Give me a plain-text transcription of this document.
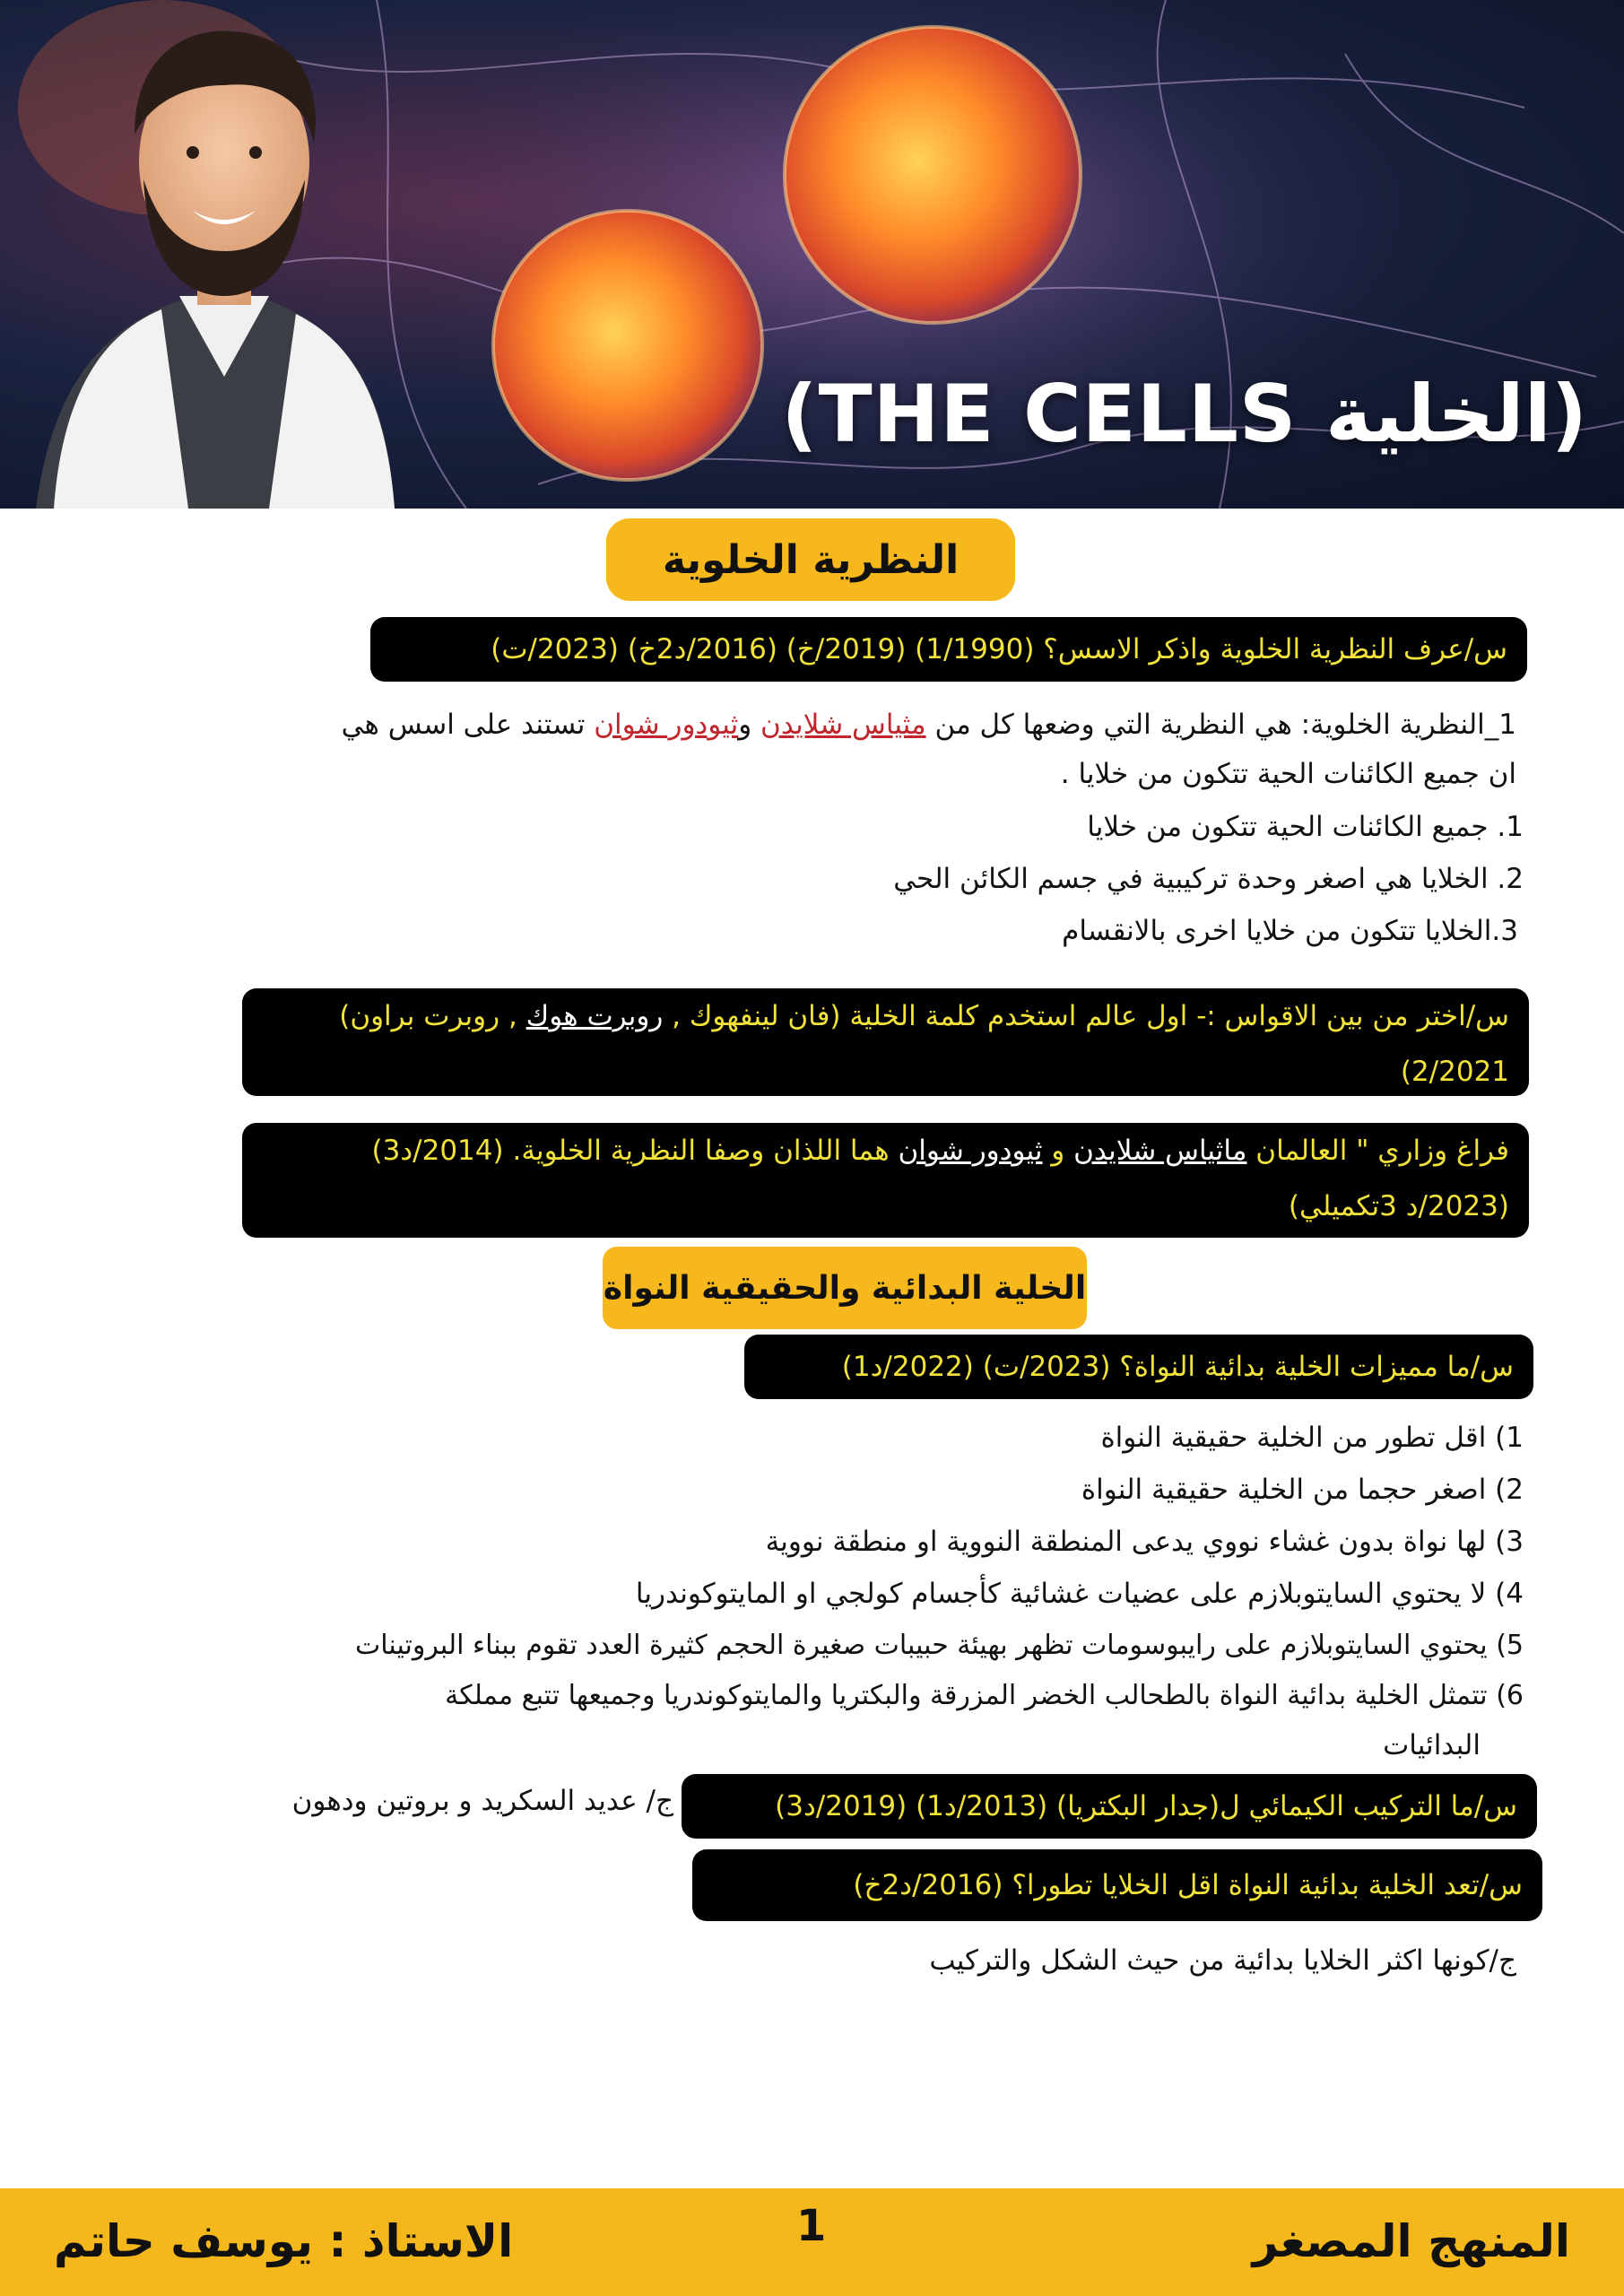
(THE CELLS الخلية)
النظرية الخلوية
س/عرف النظرية الخلوية واذكر الاسس؟ (1/1990) (2019/خ) (2016/د2خ) (2023/ت)
1_النظرية الخلوية: هي النظرية التي وضعها كل من مثياس شلايدن وثيودور شوان تستند على اسس هي
ان جميع الكائنات الحية تتكون من خلايا .
1. جميع الكائنات الحية تتكون من خلايا
2. الخلايا هي اصغر وحدة تركيبية في جسم الكائن الحي
3.الخلايا تتكون من خلايا اخرى بالانقسام
س/اختر من بين الاقواس :- اول عالم استخدم كلمة الخلية (فان لينفهوك , روبرت هوك , روبرت براون)
2/2021)
فراغ وزاري " العالمان ماثياس شلايدن و ثيودور شوان هما اللذان وصفا النظرية الخلوية. (2014/د3)
(2023/د 3تكميلي)
الخلية البدائية والحقيقية النواة
س/ما مميزات الخلية بدائية النواة؟ (2023/ت) (2022/د1)
1) اقل تطور من الخلية حقيقية النواة
2) اصغر حجما من الخلية حقيقية النواة
3) لها نواة بدون غشاء نووي يدعى المنطقة النووية او منطقة نووية
4) لا يحتوي السايتوبلازم على عضيات غشائية كأجسام كولجي او المايتوكوندريا
5) يحتوي السايتوبلازم على رايبوسومات تظهر بهيئة حبيبات صغيرة الحجم كثيرة العدد تقوم ببناء البروتينات
6) تتمثل الخلية بدائية النواة بالطحالب الخضر المزرقة والبكتريا والمايتوكوندريا وجميعها تتبع مملكة
البدائيات
س/ما التركيب الكيمائي ل(جدار البكتريا) (2013/د1) (2019/د3)
ج/ عديد السكريد و بروتين ودهون
س/تعد الخلية بدائية النواة اقل الخلايا تطورا؟ (2016/د2خ)
ج/كونها اكثر الخلايا بدائية من حيث الشكل والتركيب
المنهج المصغر
1
الاستاذ : يوسف حاتم
